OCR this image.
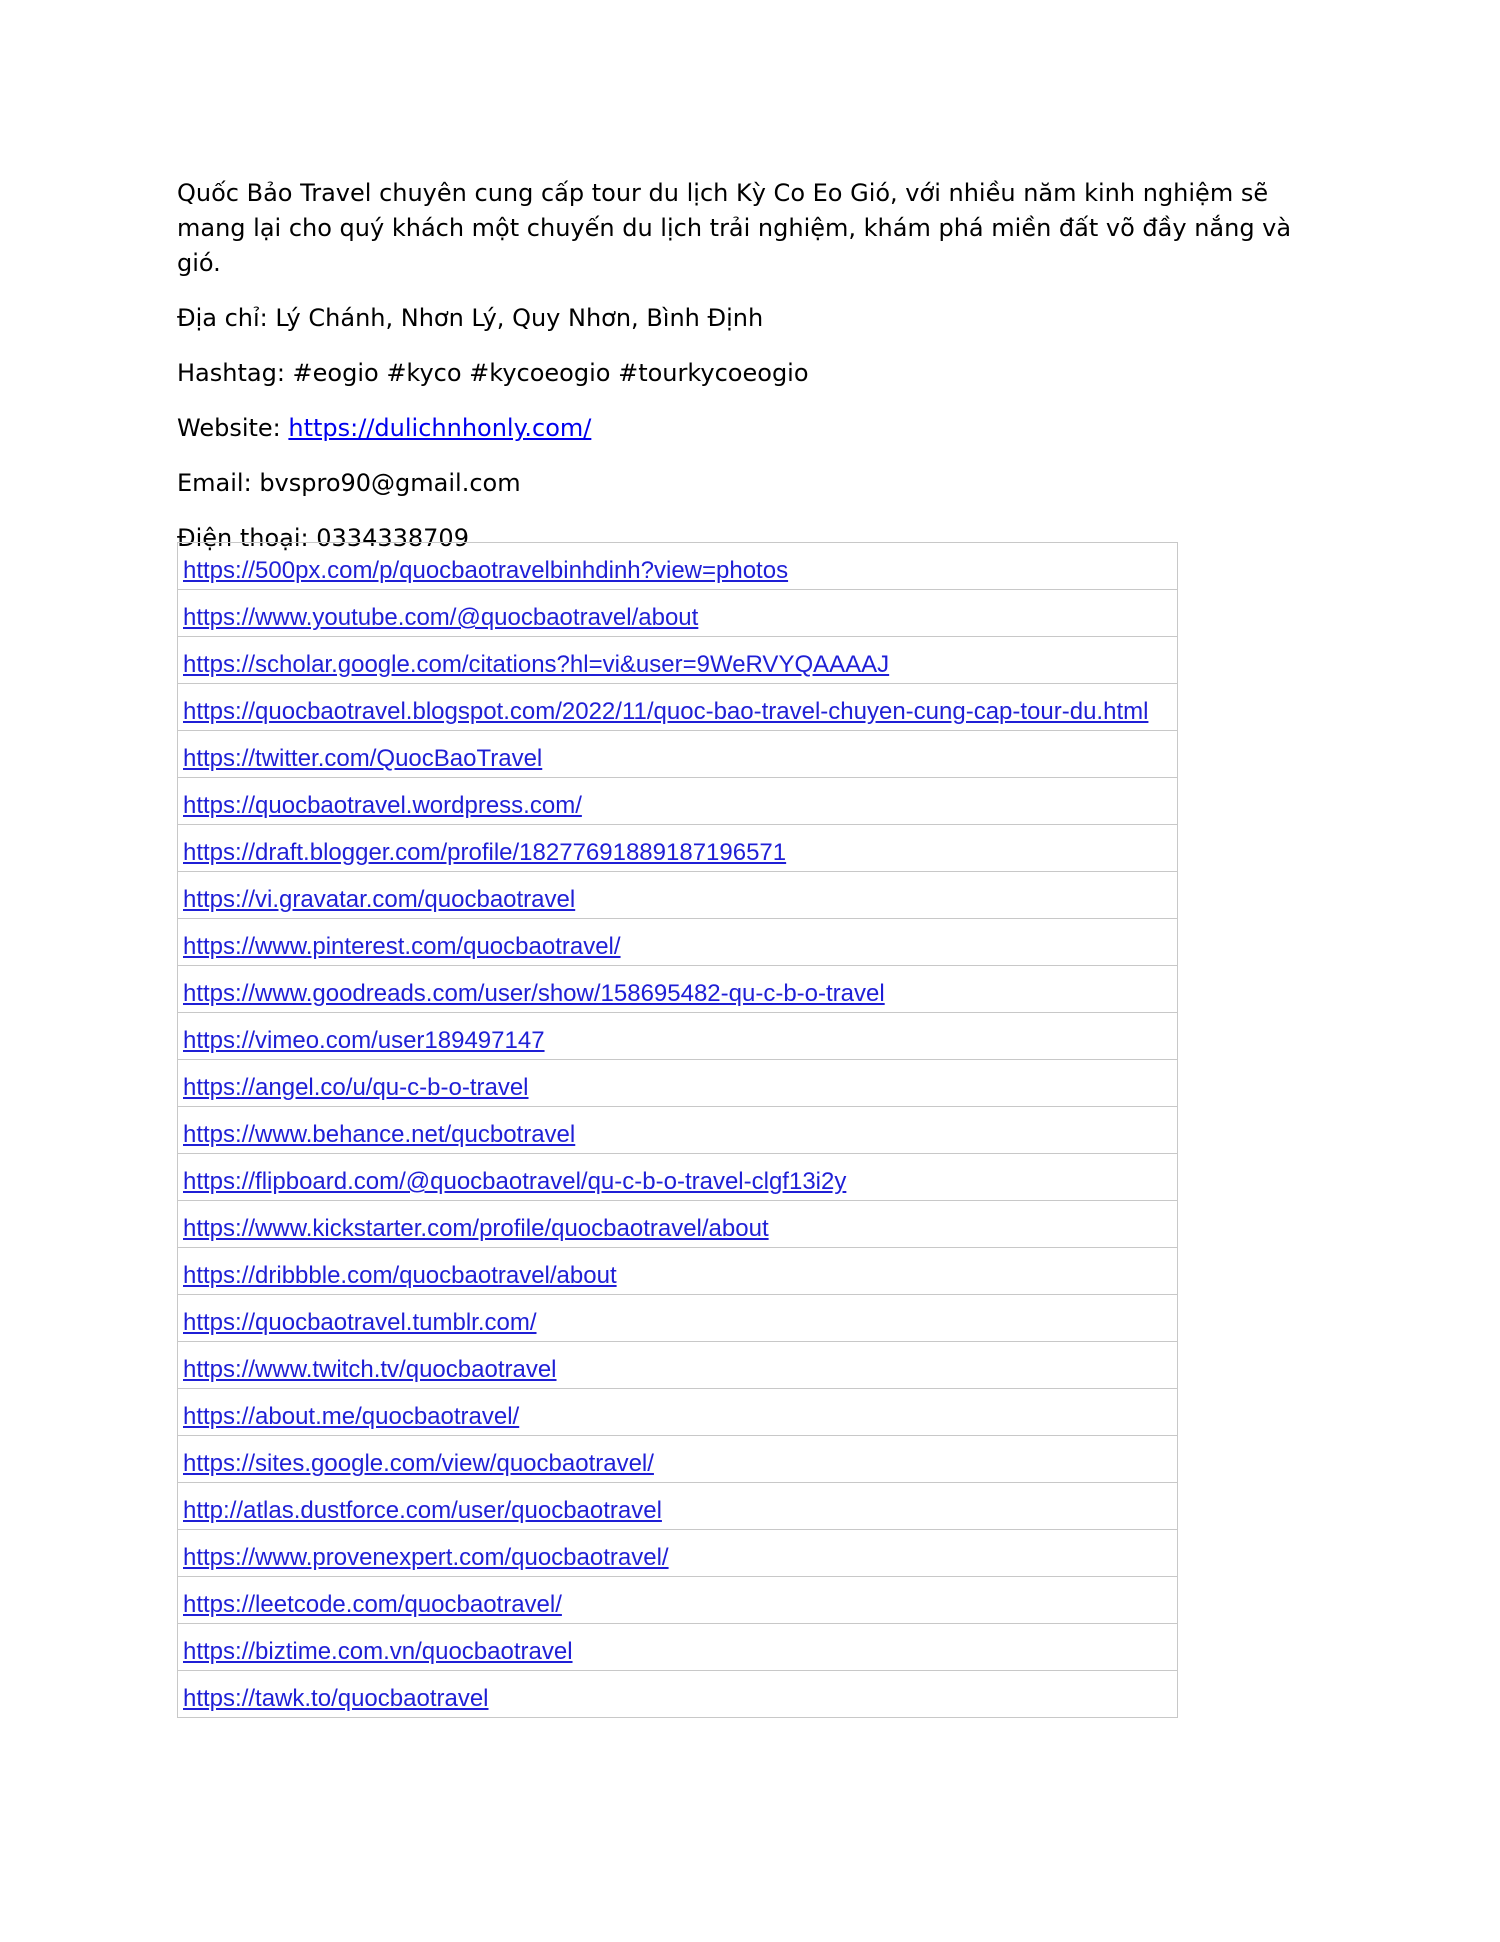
Quốc Bảo Travel chuyên cung cấp tour du lịch Kỳ Co Eo Gió, với nhiều năm kinh nghiệm sẽ mang lại cho quý khách một chuyến du lịch trải nghiệm, khám phá miền đất võ đầy nắng và gió.

Địa chỉ: Lý Chánh, Nhơn Lý, Quy Nhơn, Bình Định

Hashtag: #eogio #kyco #kycoeogio #tourkycoeogio

Website: https://dulichnhonly.com/

Email: bvspro90@gmail.com

Điện thoại: 0334338709

https://500px.com/p/quocbaotravelbinhdinh?view=photos
https://www.youtube.com/@quocbaotravel/about
https://scholar.google.com/citations?hl=vi&user=9WeRVYQAAAAJ
https://quocbaotravel.blogspot.com/2022/11/quoc-bao-travel-chuyen-cung-cap-tour-du.html
https://twitter.com/QuocBaoTravel
https://quocbaotravel.wordpress.com/
https://draft.blogger.com/profile/18277691889187196571
https://vi.gravatar.com/quocbaotravel
https://www.pinterest.com/quocbaotravel/
https://www.goodreads.com/user/show/158695482-qu-c-b-o-travel
https://vimeo.com/user189497147
https://angel.co/u/qu-c-b-o-travel
https://www.behance.net/qucbotravel
https://flipboard.com/@quocbaotravel/qu-c-b-o-travel-clgf13i2y
https://www.kickstarter.com/profile/quocbaotravel/about
https://dribbble.com/quocbaotravel/about
https://quocbaotravel.tumblr.com/
https://www.twitch.tv/quocbaotravel
https://about.me/quocbaotravel/
https://sites.google.com/view/quocbaotravel/
http://atlas.dustforce.com/user/quocbaotravel
https://www.provenexpert.com/quocbaotravel/
https://leetcode.com/quocbaotravel/
https://biztime.com.vn/quocbaotravel
https://tawk.to/quocbaotravel
